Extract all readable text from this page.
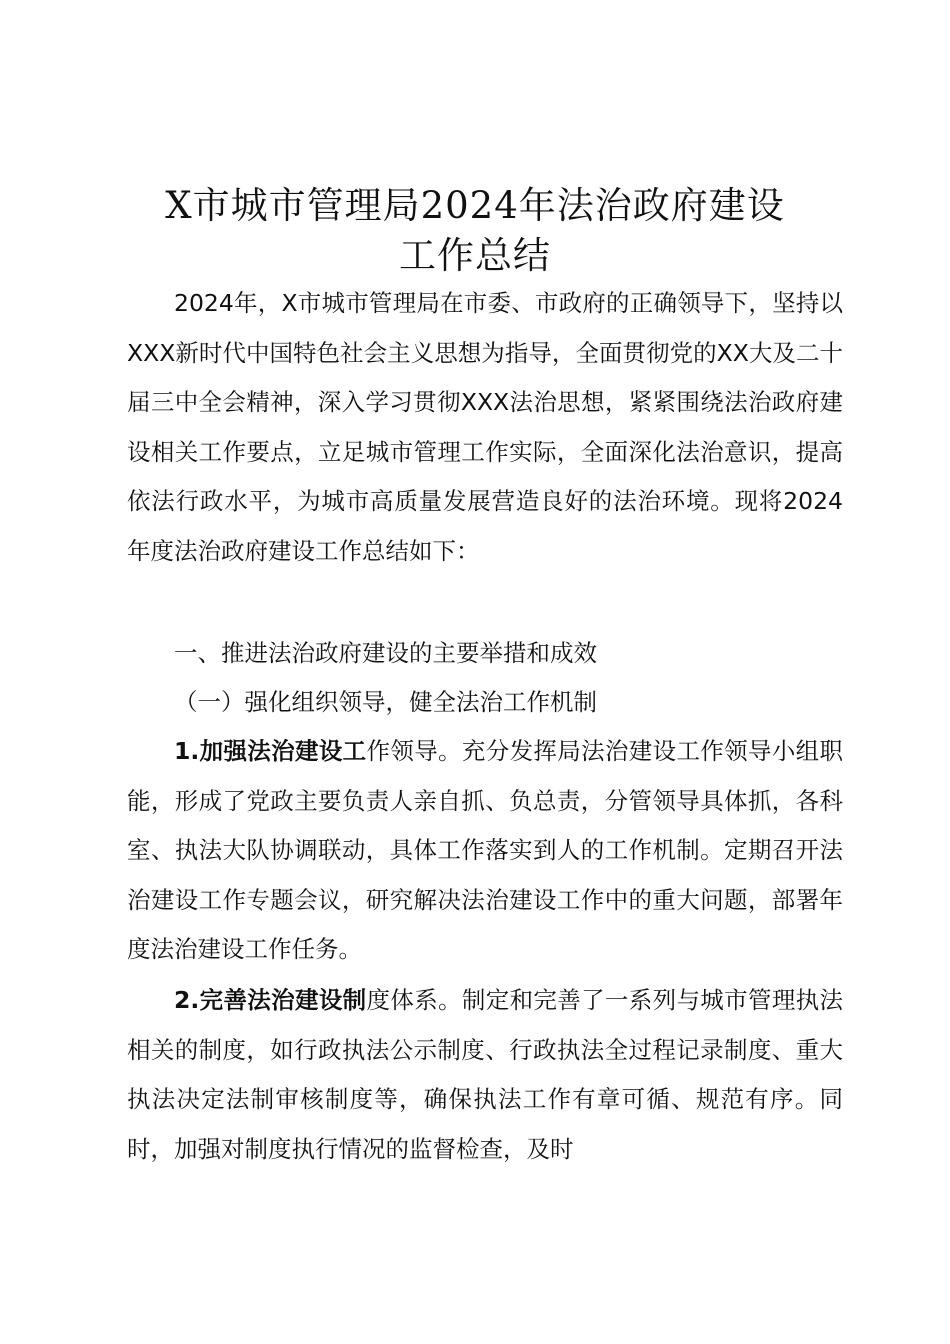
X市城市管理局2024年法治政府建设
工作总结

2024年，X市城市管理局在市委、市政府的正确领导下，坚持以XXX新时代中国特色社会主义思想为指导，全面贯彻党的XX大及二十届三中全会精神，深入学习贯彻XXX法治思想，紧紧围绕法治政府建设相关工作要点，立足城市管理工作实际，全面深化法治意识，提高依法行政水平，为城市高质量发展营造良好的法治环境。现将2024年度法治政府建设工作总结如下：

一、推进法治政府建设的主要举措和成效

（一）强化组织领导，健全法治工作机制

1.加强法治建设工作领导。充分发挥局法治建设工作领导小组职能，形成了党政主要负责人亲自抓、负总责，分管领导具体抓，各科室、执法大队协调联动，具体工作落实到人的工作机制。定期召开法治建设工作专题会议，研究解决法治建设工作中的重大问题，部署年度法治建设工作任务。

2.完善法治建设制度体系。制定和完善了一系列与城市管理执法相关的制度，如行政执法公示制度、行政执法全过程记录制度、重大执法决定法制审核制度等，确保执法工作有章可循、规范有序。同时，加强对制度执行情况的监督检查，及时
